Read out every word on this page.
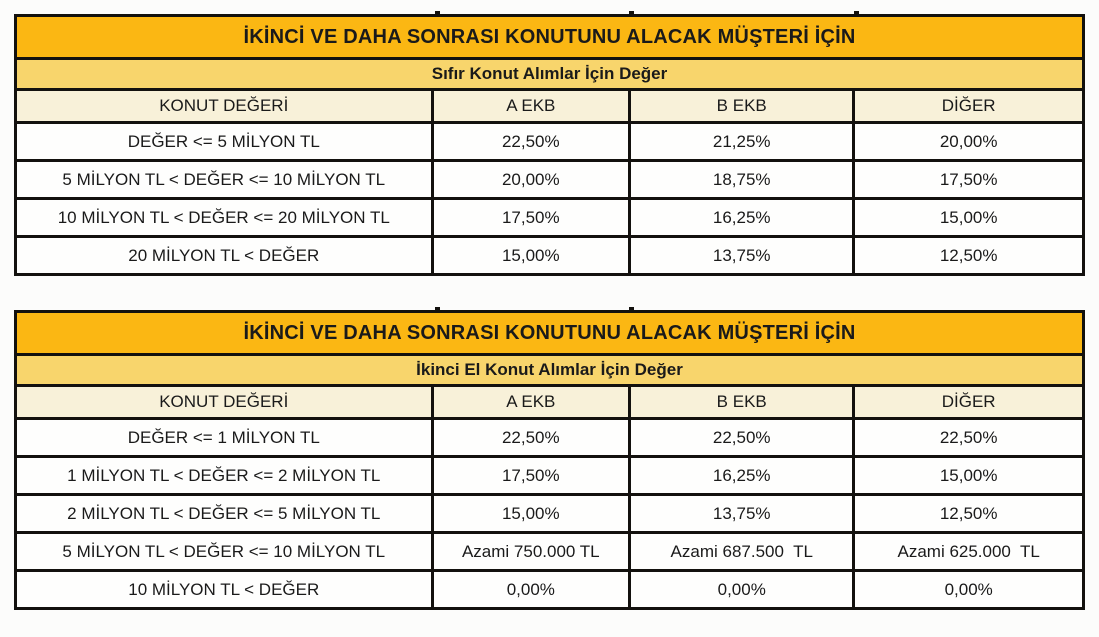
İKİNCİ VE DAHA SONRASI KONUTUNU ALACAK MÜŞTERİ İÇİN			
Sıfır Konut Alımlar İçin Değer			
KONUT DEĞERİ	A EKB	B EKB	DİĞER
DEĞER <= 5 MİLYON TL	22,50%	21,25%	20,00%
5 MİLYON TL < DEĞER <= 10 MİLYON TL	20,00%	18,75%	17,50%
10 MİLYON TL < DEĞER <= 20 MİLYON TL	17,50%	16,25%	15,00%
20 MİLYON TL < DEĞER	15,00%	13,75%	12,50%
İKİNCİ VE DAHA SONRASI KONUTUNU ALACAK MÜŞTERİ İÇİN			
İkinci El Konut Alımlar İçin Değer			
KONUT DEĞERİ	A EKB	B EKB	DİĞER
DEĞER <= 1 MİLYON TL	22,50%	22,50%	22,50%
1 MİLYON TL < DEĞER <= 2 MİLYON TL	17,50%	16,25%	15,00%
2 MİLYON TL < DEĞER <= 5 MİLYON TL	15,00%	13,75%	12,50%
5 MİLYON TL < DEĞER <= 10 MİLYON TL	Azami 750.000 TL	Azami 687.500  TL	Azami 625.000  TL
10 MİLYON TL < DEĞER	0,00%	0,00%	0,00%
